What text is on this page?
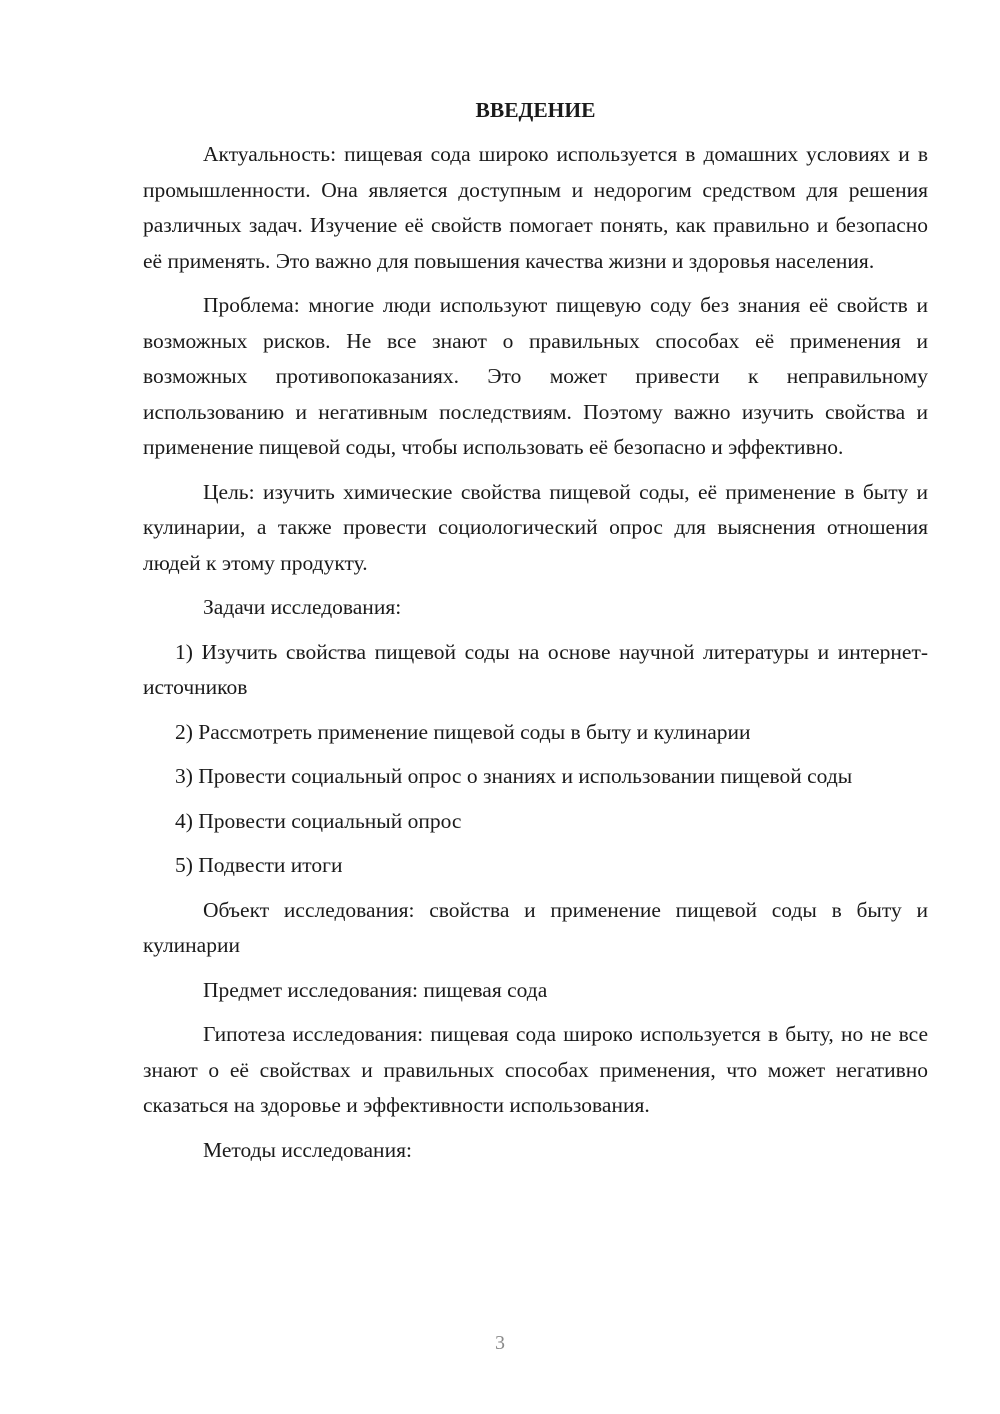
ВВЕДЕНИЕ

Актуальность: пищевая сода широко используется в домашних условиях и в промышленности. Она является доступным и недорогим средством для решения различных задач. Изучение её свойств помогает понять, как правильно и безопасно её применять. Это важно для повышения качества жизни и здоровья населения.

Проблема: многие люди используют пищевую соду без знания её свойств и возможных рисков. Не все знают о правильных способах её применения и возможных противопоказаниях. Это может привести к неправильному использованию и негативным последствиям. Поэтому важно изучить свойства и применение пищевой соды, чтобы использовать её безопасно и эффективно.

Цель: изучить химические свойства пищевой соды, её применение в быту и кулинарии, а также провести социологический опрос для выяснения отношения людей к этому продукту.

Задачи исследования:

1) Изучить свойства пищевой соды на основе научной литературы и интернет-источников

2) Рассмотреть применение пищевой соды в быту и кулинарии

3) Провести социальный опрос о знаниях и использовании пищевой соды

4) Провести социальный опрос

5) Подвести итоги

Объект исследования: свойства и применение пищевой соды в быту и кулинарии

Предмет исследования: пищевая сода

Гипотеза исследования: пищевая сода широко используется в быту, но не все знают о её свойствах и правильных способах применения, что может негативно сказаться на здоровье и эффективности использования.

Методы исследования:

3
